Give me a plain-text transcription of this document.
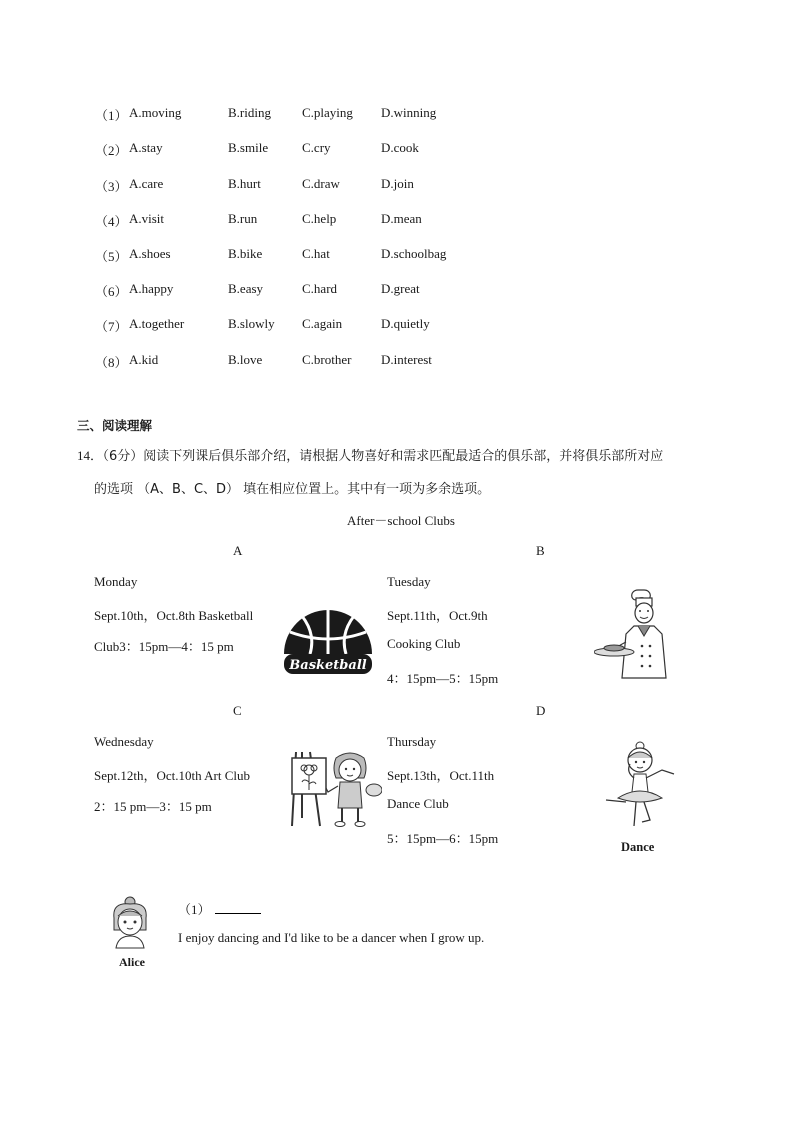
（1） A.moving	B.riding C.playing D.winning
（2） A.stay	B.smile	C.cry	D.cook
（3） A.care	B.hurt	C.draw	D.join
（4） A.visit	B.run	C.help	D.mean
（5） A.shoes	B.bike	C.hat	D.schoolbag
（6） A.happy	B.easy	C.hard	D.great
（7） A.together	B.slowly C.again	D.quietly
（8） A.kid	B.love	C.brother D.interest
三、阅读理解
14．
（6分）阅读下列课后俱乐部介绍，请根据人物喜好和需求匹配最适合的俱乐部，并将俱乐部所对应
的选项 （A、B、C、D） 填在相应位置上。其中有一项为多余选项。
After－school Clubs
A
Monday
Sept.10th，Oct.8th Basketball
Club3：15pm—4：15 pm
Basketball
B
Tuesday
Sept.11th，Oct.9th
Cooking Club
4：15pm—5：15pm
C
Wednesday
Sept.12th，Oct.10th Art Club
2：15 pm—3：15 pm
D
Thursday
Sept.13th，Oct.11th
Dance Club
5：15pm—6：15pm
Dance
Alice
（1）
I enjoy dancing and I'd like to be a dancer when I grow up.
